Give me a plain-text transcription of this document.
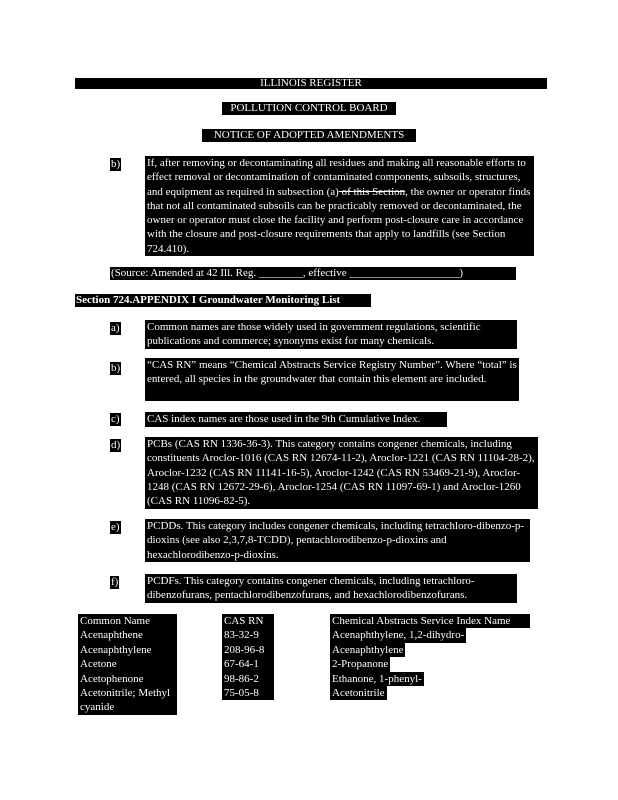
ILLINOIS REGISTER
POLLUTION CONTROL BOARD
NOTICE OF ADOPTED AMENDMENTS
b) If, after removing or decontaminating all residues and making all reasonable efforts to effect removal or decontamination of contaminated components, subsoils, structures, and equipment as required in subsection (a) of this Section, the owner or operator finds that not all contaminated subsoils can be practicably removed or decontaminated, the owner or operator must close the facility and perform post-closure care in accordance with the closure and post-closure requirements that apply to landfills (see Section 724.410).
(Source: Amended at 42 Ill. Reg. ________, effective ____________________)
Section 724.APPENDIX I Groundwater Monitoring List
a) Common names are those widely used in government regulations, scientific publications and commerce; synonyms exist for many chemicals.
b) “CAS RN” means “Chemical Abstracts Service Registry Number”. Where “total” is entered, all species in the groundwater that contain this element are included.
c) CAS index names are those used in the 9th Cumulative Index.
d) PCBs (CAS RN 1336-36-3). This category contains congener chemicals, including constituents Aroclor-1016 (CAS RN 12674-11-2), Aroclor-1221 (CAS RN 11104-28-2), Aroclor-1232 (CAS RN 11141-16-5), Aroclor-1242 (CAS RN 53469-21-9), Aroclor-1248 (CAS RN 12672-29-6), Aroclor-1254 (CAS RN 11097-69-1) and Aroclor-1260 (CAS RN 11096-82-5).
e) PCDDs. This category includes congener chemicals, including tetrachloro-dibenzo-p-dioxins (see also 2,3,7,8-TCDD), pentachlorodibenzo-p-dioxins and hexachlorodibenzo-p-dioxins.
f)	PCDFs. This category contains congener chemicals, including tetrachloro-dibenzofurans, pentachlorodibenzofurans, and hexachlorodibenzofurans.
Common Name
Acenaphthene
Acenaphthylene
Acetone
Acetophenone
Acetonitrile; Methyl cyanide
CAS RN
83-32-9
208-96-8
67-64-1
98-86-2
75-05-8
Chemical Abstracts Service Index Name
Acenaphthylene, 1,2-dihydro-
Acenaphthylene
2-Propanone
Ethanone, 1-phenyl-
Acetonitrile
